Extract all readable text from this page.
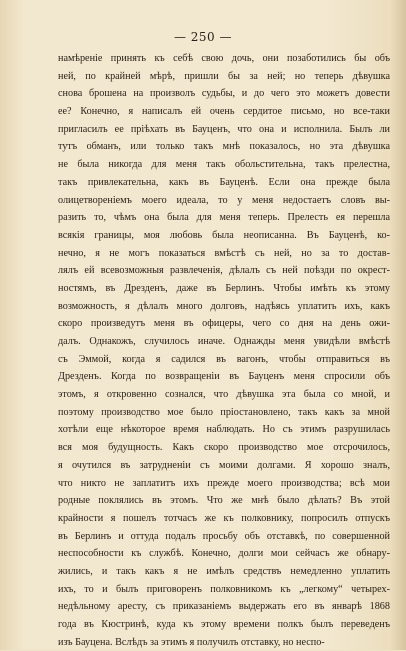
— 250 —
намѣреніе принять къ себѣ свою дочь, они позаботились бы объ
ней, по крайней мѣрѣ, пришли бы за ней; но теперь дѣвушка
снова брошена на произволъ судьбы, и до чего это можетъ довести
ее? Конечно, я написалъ ей очень сердитое письмо, но все-таки
пригласилъ ее пріѣхать въ Бауценъ, что она и исполнила. Былъ ли
тутъ обманъ, или только такъ мнѣ показалось, но эта дѣвушка
не была никогда для меня такъ обольстительна, такъ прелестна,
такъ привлекательна, какъ въ Бауценѣ. Если она прежде была
олицетвореніемъ моего идеала, то у меня недостаетъ словъ вы-
разить то, чѣмъ она была для меня теперь. Прелесть ея перешла
всякія границы, моя любовь была неописанна. Въ Бауценѣ, ко-
нечно, я не могъ показаться вмѣстѣ съ ней, но за то достав-
лялъ ей всевозможныя развлеченія, дѣлалъ съ ней поѣзди по окрест-
ностямъ, въ Дрезденъ, даже въ Берлинъ. Чтобы имѣть къ этому
возможность, я дѣлалъ много долговъ, надѣясь уплатить ихъ, какъ
скоро произведутъ меня въ офицеры, чего со дня на день ожи-
далъ. Однакожъ, случилось иначе. Однажды меня увидѣли вмѣстѣ
съ Эммой, когда я садился въ вагонъ, чтобы отправиться въ
Дрезденъ. Когда по возвращеніи въ Бауценъ меня спросили объ
этомъ, я откровенно сознался, что дѣвушка эта была со мной, и
поэтому производство мое было пріостановлено, такъ какъ за мной
хотѣли еще нѣкоторое время наблюдать. Но съ этимъ разрушилась
вся моя будущность. Какъ скоро производство мое отсрочилось,
я очутился въ затрудненіи съ моими долгами. Я хорошо зналъ,
что никто не заплатитъ ихъ прежде моего производства; всѣ мои
родные поклялись въ этомъ. Что же мнѣ было дѣлать? Въ этой
крайности я пошелъ тотчасъ же къ полковнику, попросилъ отпускъ
въ Берлинъ и оттуда подалъ просьбу объ отставкѣ, по совершенной
неспособности къ службѣ. Конечно, долги мои сейчасъ же обнару-
жились, и такъ какъ я не имѣлъ средствъ немедленно уплатить
ихъ, то и былъ приговоренъ полковникомъ къ „легкому“ четырех-
недѣльному аресту, съ приказаніемъ выдержать его въ январѣ 1868
года въ Кюстринѣ, куда къ этому времени полкъ былъ переведенъ
изъ Бауцена. Вслѣдъ за этимъ я получилъ отставку, но неспо-
